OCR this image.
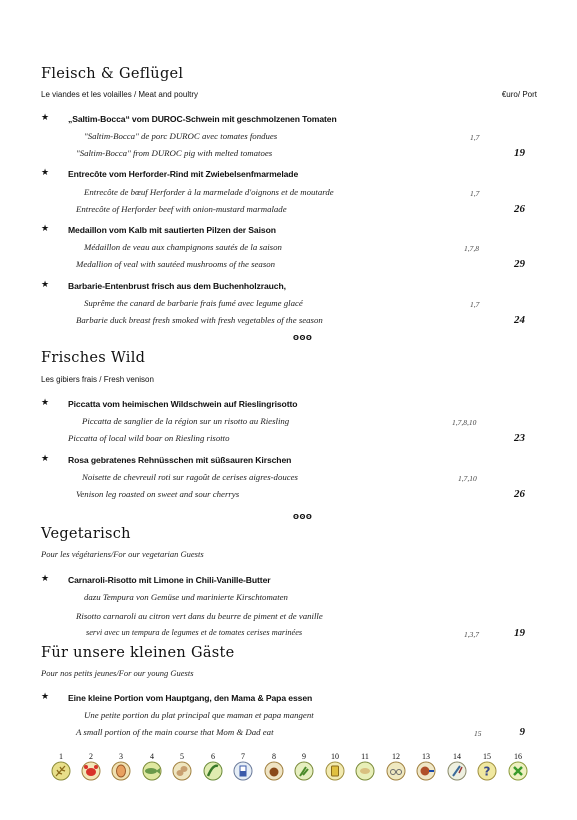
Fleisch & Geflügel
Le viandes et les volailles / Meat and poultry	€uro/ Port
★ „Saltim-Bocca“ vom DUROC-Schwein mit geschmolzenen Tomaten
"Saltim-Bocca" de porc DUROC avec tomates fondues	1,7
"Saltim-Bocca" from DUROC pig with melted tomatoes	19
★ Entrecôte vom Herforder-Rind mit Zwiebelsenfmarmelade
Entrecôte de bœuf Herforder à la marmelade d'oignons et de moutarde	1,7
Entrecôte of Herforder beef with onion-mustard marmalade	26
★ Medaillon vom Kalb mit sautierten Pilzen der Saison
Médaillon de veau aux champignons sautés de la saison	1,7,8
Medallion of veal with sautéed mushrooms of the season	29
★ Barbarie-Entenbrust frisch aus dem Buchenholzrauch,
Suprême the canard de barbarie frais fumé avec legume glacé	1,7
Barbarie duck breast fresh smoked with fresh vegetables of the season	24
ʘʘʘ
Frisches Wild
Les gibiers frais / Fresh venison
★ Piccatta vom heimischen Wildschwein auf Rieslingrisotto
Piccatta de sanglier de la région sur un risotto au Riesling	1,7,8,10
Piccatta of local wild boar on Riesling risotto	23
★ Rosa gebratenes Rehnüsschen mit süßsauren Kirschen
Noisette de chevreuil roti sur ragoût de cerises aigres-douces	1,7,10
Venison leg roasted on sweet and sour cherrys	26
ʘʘʘ
Vegetarisch
Pour les végétariens/For our vegetarian Guests
★ Carnaroli-Risotto mit Limone in Chili-Vanille-Butter
dazu Tempura von Gemüse und marinierte Kirschtomaten
Risotto carnaroli au citron vert dans du beurre de piment et de vanille
servi avec un tempura de legumes et de tomates cerises marinées	1,3,7	19
Für unsere kleinen Gäste
Pour nos petits jeunes/For our young Guests
★ Eine kleine Portion vom Hauptgang, den Mama & Papa essen
Une petite portion du plat principal que maman et papa mangent
A small portion of the main course that Mom & Dad eat	15	9
1	2	3	4	5	6	7	8	9	10	11	12	13	14	15
?
16
